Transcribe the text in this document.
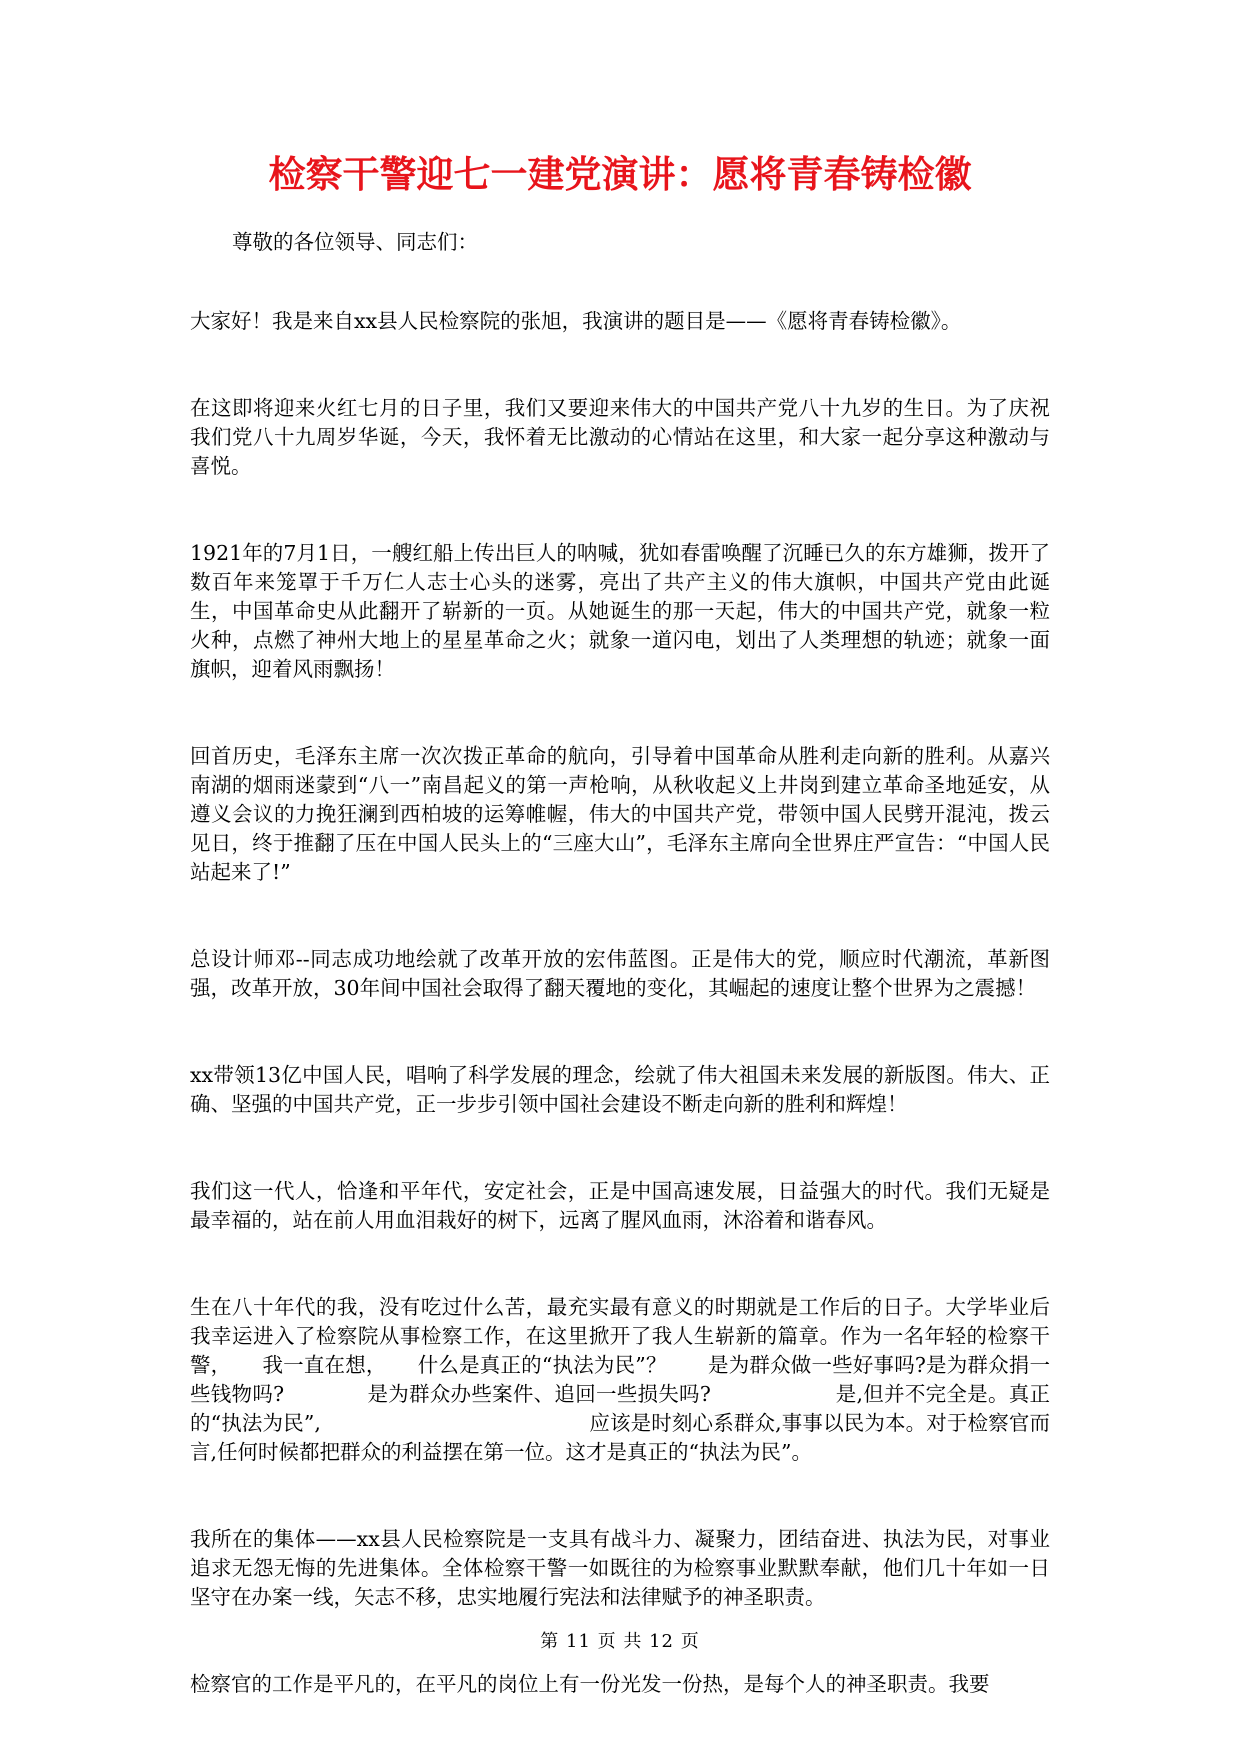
检察干警迎七一建党演讲：愿将青春铸检徽

尊敬的各位领导、同志们：

大家好！我是来自xx县人民检察院的张旭，我演讲的题目是——《愿将青春铸检徽》。

在这即将迎来火红七月的日子里，我们又要迎来伟大的中国共产党八十九岁的生日。为了庆祝我们党八十九周岁华诞，今天，我怀着无比激动的心情站在这里，和大家一起分享这种激动与喜悦。

1921年的7月1日，一艘红船上传出巨人的呐喊，犹如春雷唤醒了沉睡已久的东方雄狮，拨开了数百年来笼罩于千万仁人志士心头的迷雾，亮出了共产主义的伟大旗帜，中国共产党由此诞生，中国革命史从此翻开了崭新的一页。从她诞生的那一天起，伟大的中国共产党，就象一粒火种，点燃了神州大地上的星星革命之火；就象一道闪电，划出了人类理想的轨迹；就象一面旗帜，迎着风雨飘扬！

回首历史，毛泽东主席一次次拨正革命的航向，引导着中国革命从胜利走向新的胜利。从嘉兴南湖的烟雨迷蒙到“八一”南昌起义的第一声枪响，从秋收起义上井岗到建立革命圣地延安，从遵义会议的力挽狂澜到西柏坡的运筹帷幄，伟大的中国共产党，带领中国人民劈开混沌，拨云见日，终于推翻了压在中国人民头上的“三座大山”，毛泽东主席向全世界庄严宣告：“中国人民站起来了!”

总设计师邓--同志成功地绘就了改革开放的宏伟蓝图。正是伟大的党，顺应时代潮流，革新图强，改革开放，30年间中国社会取得了翻天覆地的变化，其崛起的速度让整个世界为之震撼！

xx带领13亿中国人民，唱响了科学发展的理念，绘就了伟大祖国未来发展的新版图。伟大、正确、坚强的中国共产党，正一步步引领中国社会建设不断走向新的胜利和辉煌！

我们这一代人，恰逢和平年代，安定社会，正是中国高速发展，日益强大的时代。我们无疑是最幸福的，站在前人用血泪栽好的树下，远离了腥风血雨，沐浴着和谐春风。

生在八十年代的我，没有吃过什么苦，最充实最有意义的时期就是工作后的日子。大学毕业后我幸运进入了检察院从事检察工作，在这里掀开了我人生崭新的篇章。作为一名年轻的检察干警，　　我一直在想，　　什么是真正的“执法为民”？　　是为群众做一些好事吗?是为群众捐一些钱物吗?　　　　是为群众办些案件、追回一些损失吗?　　　　　　是,但并不完全是。真正的“执法为民”,　　　　　　　　　　　　　应该是时刻心系群众,事事以民为本。对于检察官而言,任何时候都把群众的利益摆在第一位。这才是真正的“执法为民”。

我所在的集体——xx县人民检察院是一支具有战斗力、凝聚力，团结奋进、执法为民，对事业追求无怨无悔的先进集体。全体检察干警一如既往的为检察事业默默奉献，他们几十年如一日坚守在办案一线，矢志不移，忠实地履行宪法和法律赋予的神圣职责。

检察官的工作是平凡的，在平凡的岗位上有一份光发一份热，是每个人的神圣职责。我要

第 11 页 共 12 页
